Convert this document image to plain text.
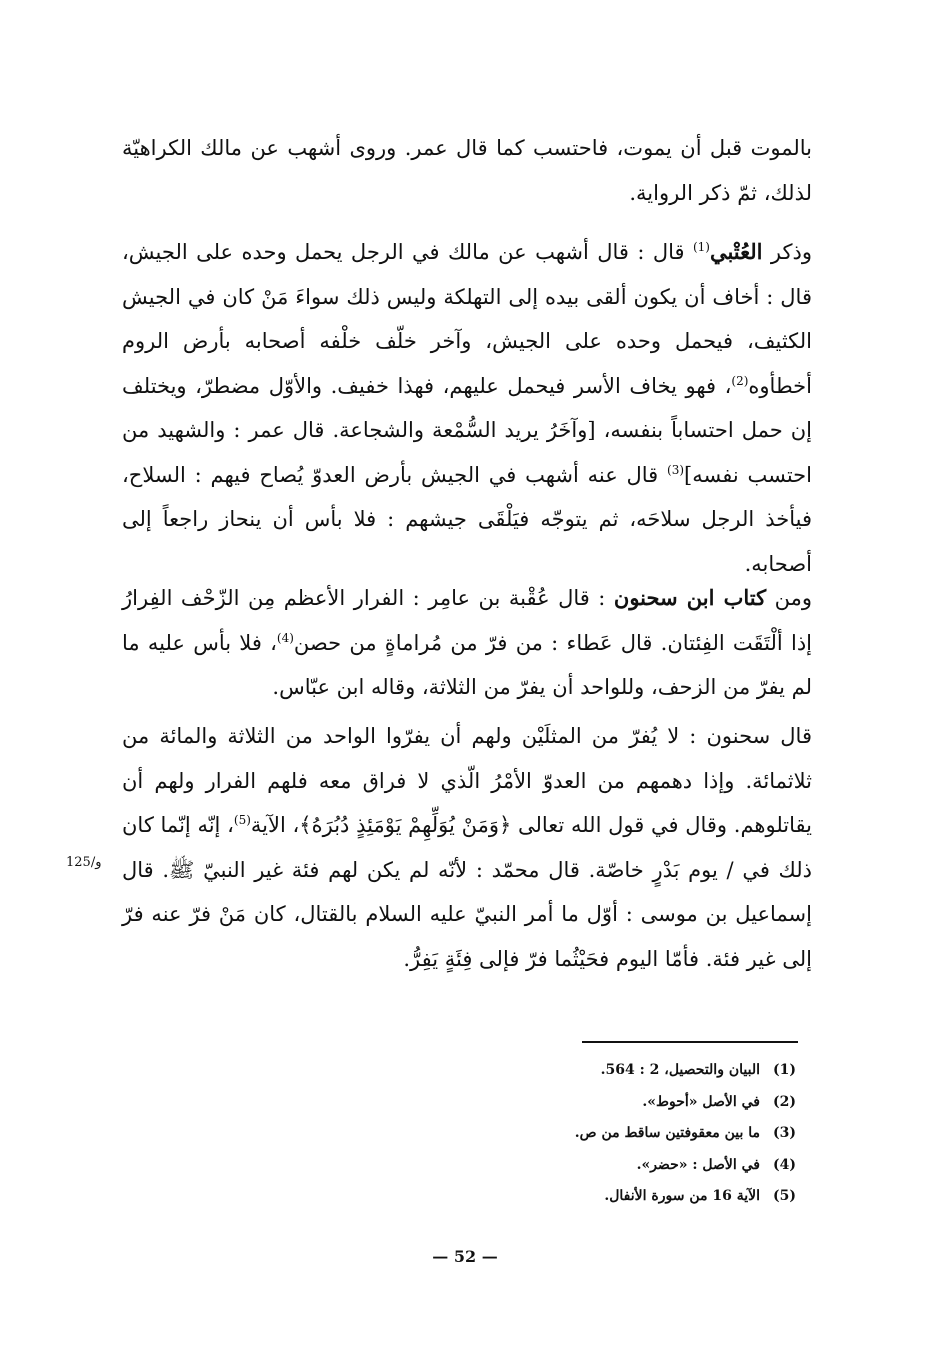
بالموت قبل أن يموت، فاحتسب كما قال عمر. وروى أشهب عن مالك الكراهيّة لذلك، ثمّ ذكر الرواية.

وذكر العُتْبي$^{(1)}$ قال : قال أشهب عن مالك في الرجل يحمل وحده على الجيش، قال : أخاف أن يكون ألقى بيده إلى التهلكة وليس ذلك سواءَ مَنْ كان في الجيش الكثيف، فيحمل وحده على الجيش، وآخر خلّف خلْفه أصحابه بأرض الروم أخطأوه$^{(2)}$، فهو يخاف الأسر فيحمل عليهم، فهذا خفيف. والأوّل مضطرّ، ويختلف إن حمل احتساباً بنفسه، [وآخَرُ يريد السُّمْعة والشجاعة. قال عمر : والشهيد من احتسب نفسه]$^{(3)}$ قال عنه أشهب في الجيش بأرض العدوّ يُصاح فيهم : السلاح، فيأخذ الرجل سلاحَه، ثم يتوجّه فيَلْقَى جيشهم : فلا بأس أن ينحاز راجعاً إلى أصحابه.

ومن كتاب ابن سحنون : قال عُقْبة بن عامِر : الفرار الأعظم مِن الزّحْف الفِرارُ إذا ألْتَقَت الفِئتان. قال عَطاء : من فرّ من مُراماةٍ من حصن$^{(4)}$، فلا بأس عليه ما لم يفرّ من الزحف، وللواحد أن يفرّ من الثلاثة، وقاله ابن عبّاس.

قال سحنون : لا يُفرّ من المثلَيْن ولهم أن يفرّوا الواحد من الثلاثة والمائة من ثلاثمائة. وإذا دهمهم من العدوّ الأمْرُ الّذي لا فراق معه فلهم الفرار ولهم أن يقاتلوهم. وقال في قول الله تعالى ﴿وَمَنْ يُوَلِّهِمْ يَوْمَئِذٍ دُبُرَهُ﴾، الآية$^{(5)}$، إنّه إنّما كان ذلك في / يوم بَدْرٍ خاصّة. قال محمّد : لأنّه لم يكن لهم فئة غير النبيّ ﷺ. قال إسماعيل بن موسى : أوّل ما أمر النبيّ عليه السلام بالقتال، كان مَنْ فرّ عنه فرّ إلى غير فئة. فأمّا اليوم فحَيْثُما فرّ فإلى فِئَةٍ يَفِرُّ.

125/و
(1)البيان والتحصيل، 2 : 564.
(2)في الأصل «أحوط».
(3)ما بين معقوفتين ساقط من ص.
(4)في الأصل : «حضر».
(5)الآية 16 من سورة الأنفال.
— 52 —
